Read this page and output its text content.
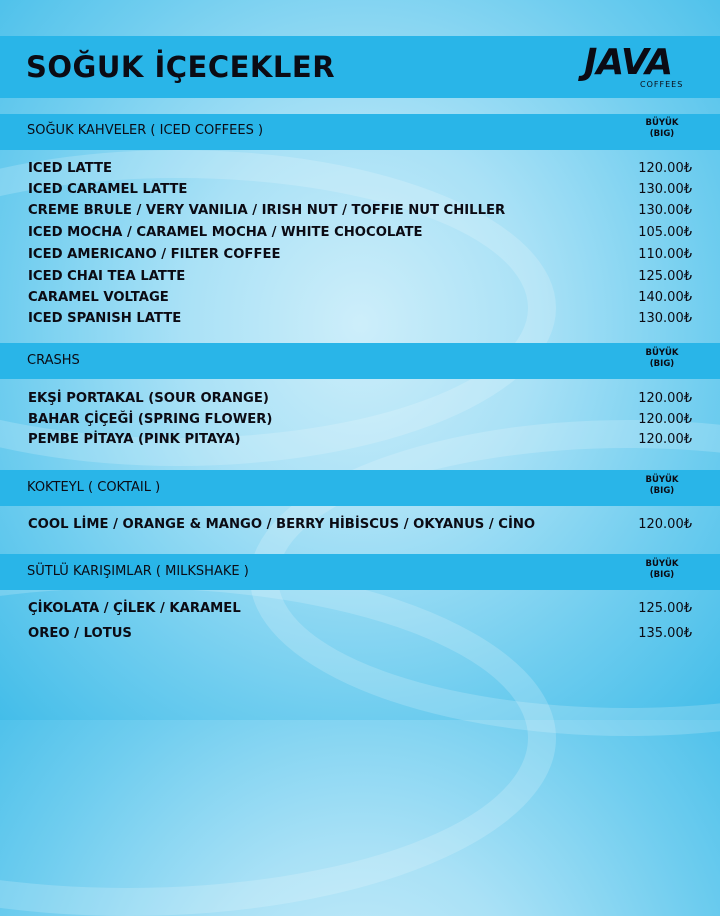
SOĞUK İÇECEKLER	JAVA
COFFEES
SOĞUK KAHVELER ( ICED COFFEES )	BÜYÜK
(BIG)
ICED LATTE	120.00₺
ICED CARAMEL LATTE	130.00₺
CREME BRULE / VERY VANILIA / IRISH NUT / TOFFIE NUT CHILLER	130.00₺
ICED MOCHA / CARAMEL MOCHA / WHITE CHOCOLATE	105.00₺
ICED AMERICANO / FILTER COFFEE	110.00₺
ICED CHAI TEA LATTE	125.00₺
CARAMEL VOLTAGE	140.00₺
ICED SPANISH LATTE	130.00₺
CRASHS	BÜYÜK
(BIG)
EKŞİ PORTAKAL (SOUR ORANGE)	120.00₺
BAHAR ÇİÇEĞİ (SPRING FLOWER)	120.00₺
PEMBE PİTAYA (PINK PITAYA)	120.00₺
KOKTEYL ( COKTAIL )	BÜYÜK
(BIG)
COOL LİME / ORANGE & MANGO / BERRY HİBİSCUS / OKYANUS / CİNO	120.00₺
SÜTLÜ KARIŞIMLAR ( MILKSHAKE )	BÜYÜK
(BIG)
ÇİKOLATA / ÇİLEK / KARAMEL	125.00₺
OREO / LOTUS	135.00₺
